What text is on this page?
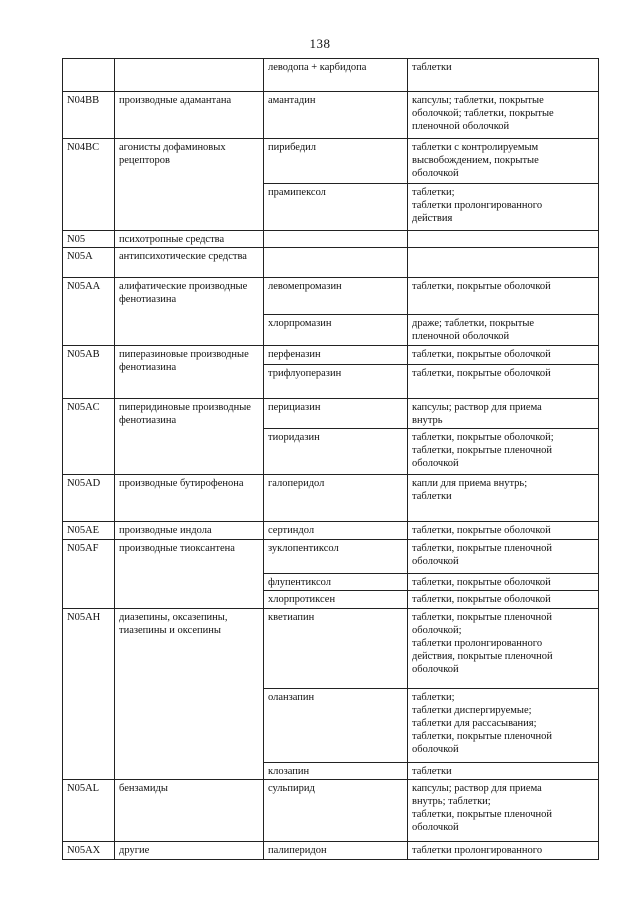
138
		леводопа + карбидопа	таблетки

N04BB	производные адамантана	амантадин	капсулы; таблетки, покрытые
оболочкой; таблетки, покрытые
пленочной оболочкой

N04BC	агонисты дофаминовых рецепторов	пирибедил	таблетки с контролируемым
высвобождением, покрытые
оболочкой

		прамипексол	таблетки;
таблетки пролонгированного
действия

N05	психотропные средства		

N05A	антипсихотические средства		

N05AA	алифатические производные фенотиазина	левомепромазин	таблетки, покрытые оболочкой

		хлорпромазин	драже; таблетки, покрытые
пленочной оболочкой

N05AB	пиперазиновые производные фенотиазина	перфеназин	таблетки, покрытые оболочкой

		трифлуоперазин	таблетки, покрытые оболочкой

N05AC	пиперидиновые производные фенотиазина	перициазин	капсулы; раствор для приема
внутрь

		тиоридазин	таблетки, покрытые оболочкой;
таблетки, покрытые пленочной
оболочкой

N05AD	производные бутирофенона	галоперидол	капли для приема внутрь;
таблетки

N05AE	производные индола	сертиндол	таблетки, покрытые оболочкой

N05AF	производные тиоксантена	зуклопентиксол	таблетки, покрытые пленочной
оболочкой

		флупентиксол	таблетки, покрытые оболочкой

		хлорпротиксен	таблетки, покрытые оболочкой

N05AH	диазепины, оксазепины, тиазепины и оксепины	кветиапин	таблетки, покрытые пленочной
оболочкой;
таблетки пролонгированного
действия, покрытые пленочной
оболочкой

		оланзапин	таблетки;
таблетки диспергируемые;
таблетки для рассасывания;
таблетки, покрытые пленочной
оболочкой

		клозапин	таблетки

N05AL	бензамиды	сульпирид	капсулы; раствор для приема
внутрь; таблетки;
таблетки, покрытые пленочной
оболочкой

N05AX	другие	палиперидон	таблетки пролонгированного
